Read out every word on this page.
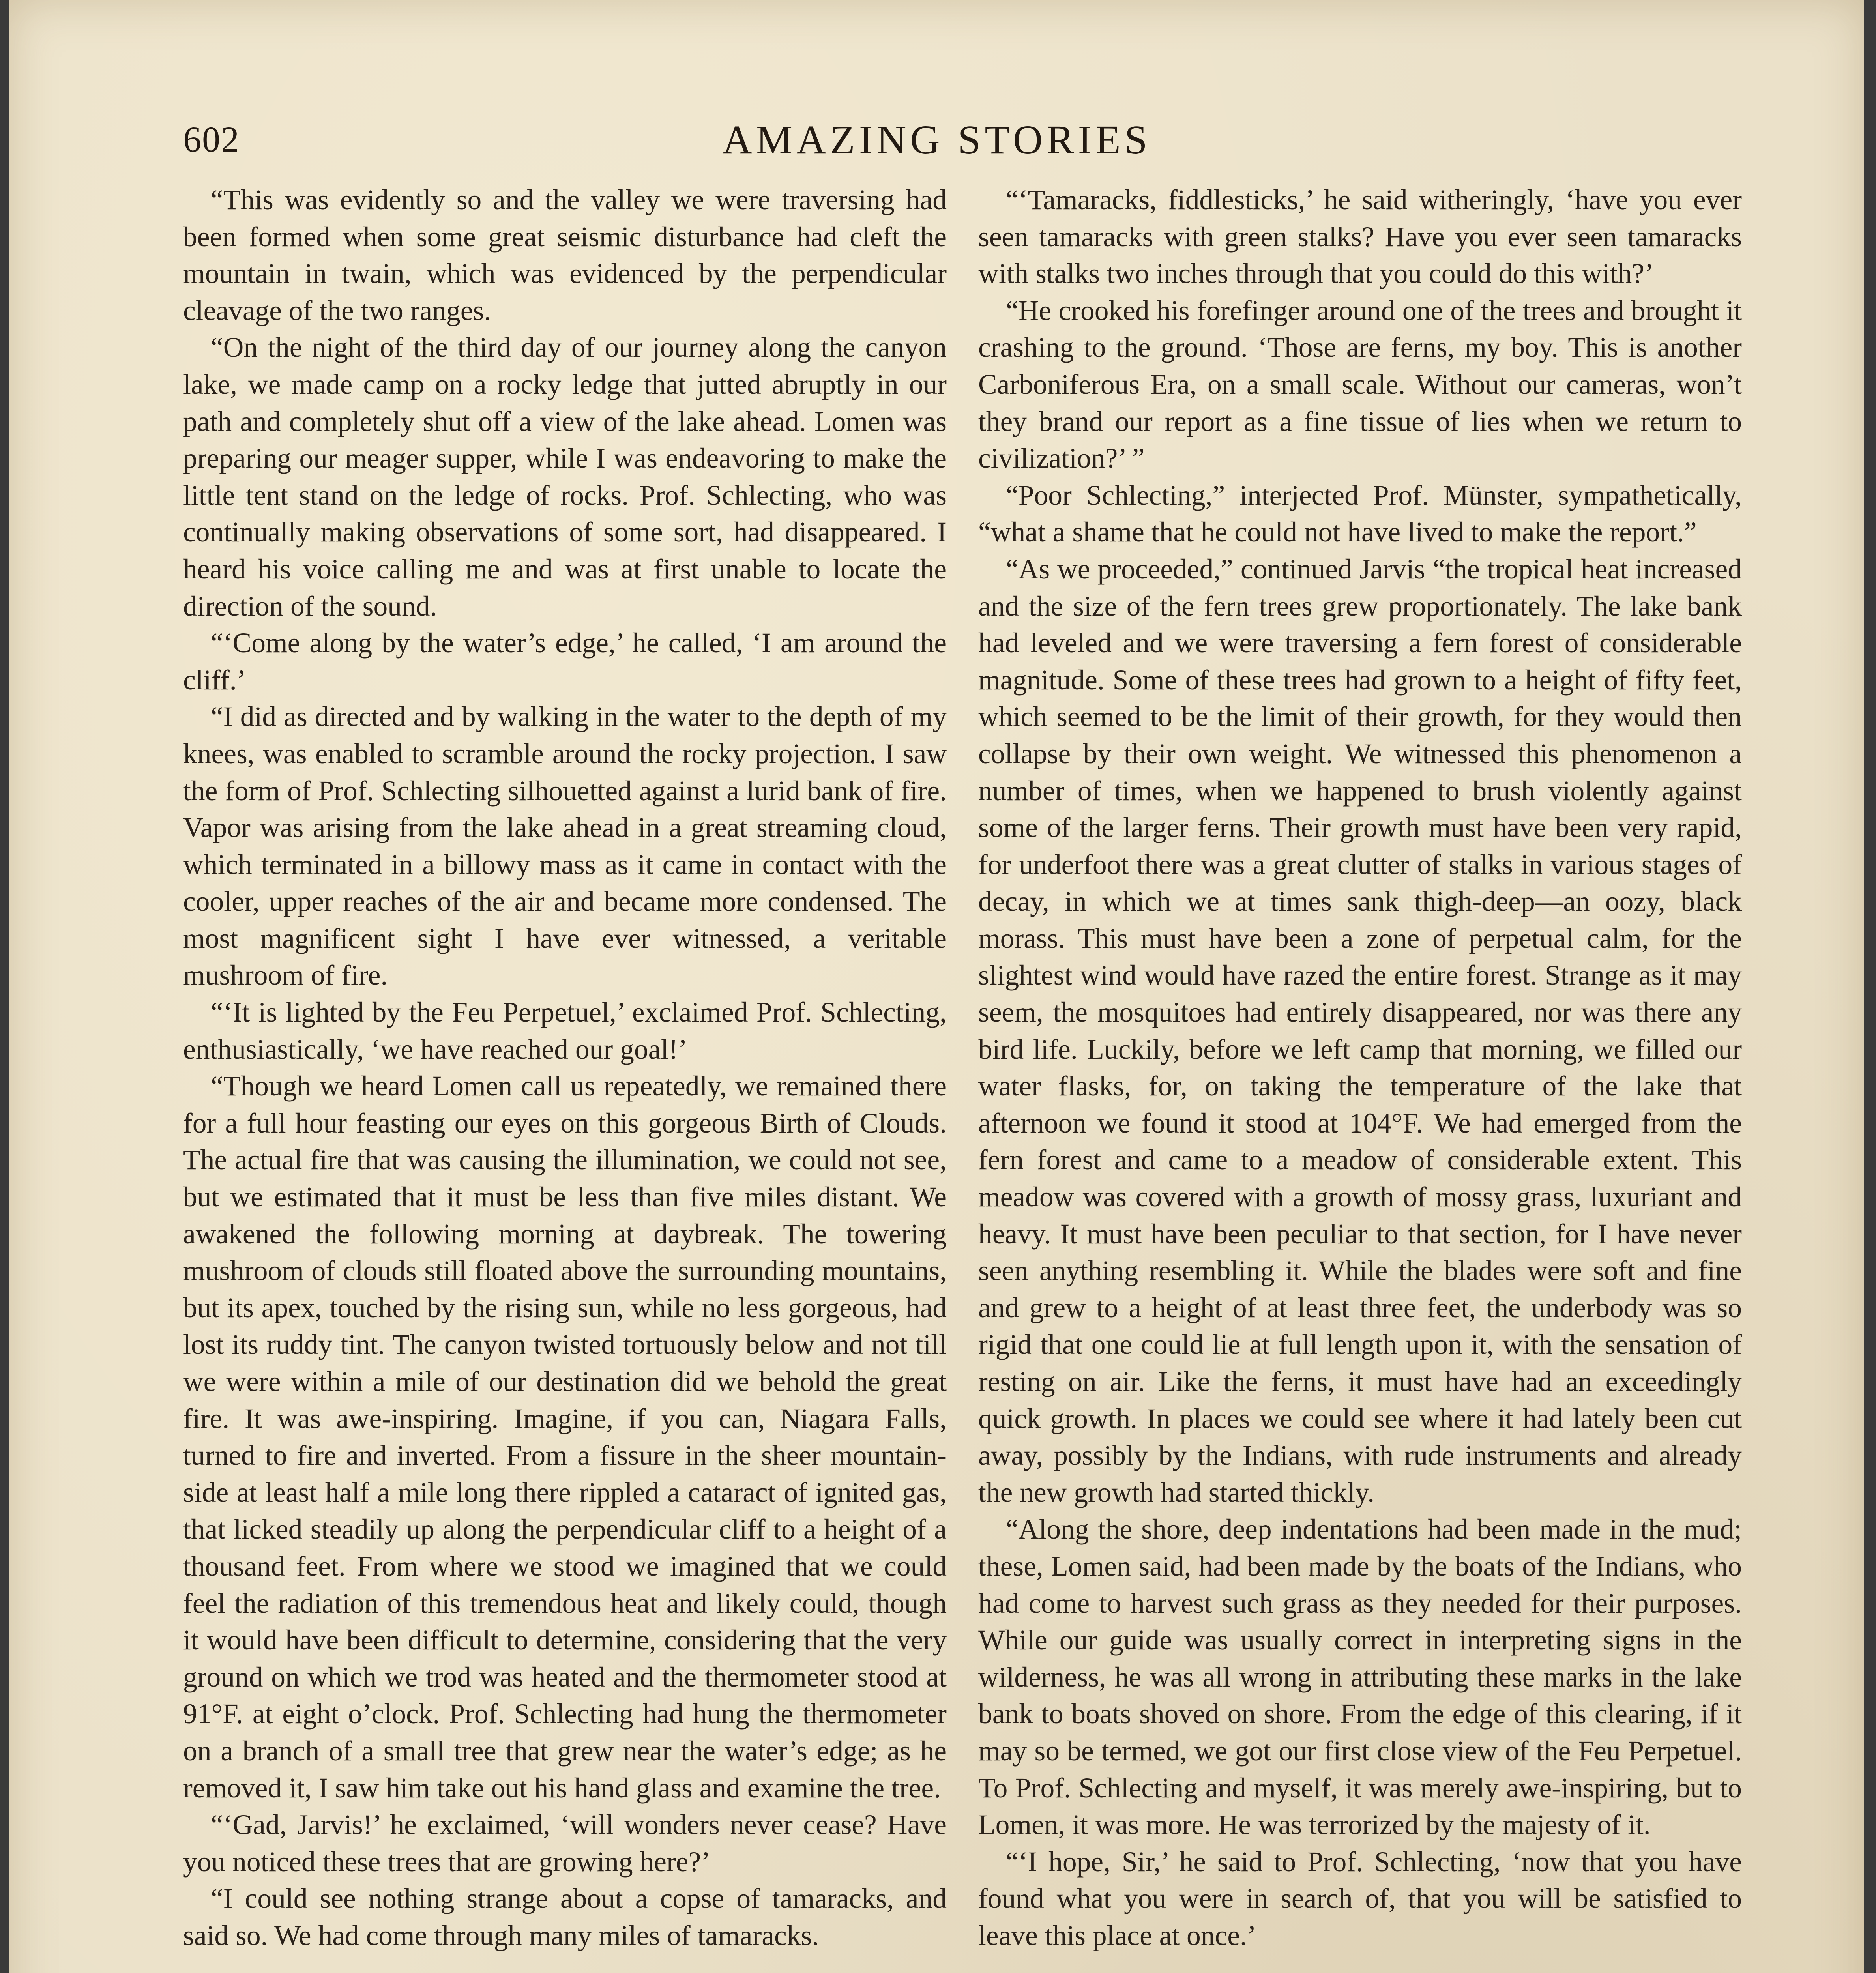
602	AMAZING STORIES

“This was evidently so and the valley we were traversing had been formed when some great seismic disturbance had cleft the mountain in twain, which was evidenced by the perpendicular cleavage of the two ranges.

“On the night of the third day of our journey along the canyon lake, we made camp on a rocky ledge that jutted abruptly in our path and completely shut off a view of the lake ahead. Lomen was preparing our meager supper, while I was endeavoring to make the little tent stand on the ledge of rocks. Prof. Schlecting, who was continually making observations of some sort, had disappeared. I heard his voice calling me and was at first unable to locate the direction of the sound.

“‘Come along by the water’s edge,’ he called, ‘I am around the cliff.’

“I did as directed and by walking in the water to the depth of my knees, was enabled to scramble around the rocky projection. I saw the form of Prof. Schlecting silhouetted against a lurid bank of fire. Vapor was arising from the lake ahead in a great streaming cloud, which terminated in a billowy mass as it came in contact with the cooler, upper reaches of the air and became more condensed. The most magnificent sight I have ever witnessed, a veritable mushroom of fire.

“‘It is lighted by the Feu Perpetuel,’ exclaimed Prof. Schlecting, enthusiastically, ‘we have reached our goal!’

“Though we heard Lomen call us repeatedly, we remained there for a full hour feasting our eyes on this gorgeous Birth of Clouds. The actual fire that was causing the illumination, we could not see, but we estimated that it must be less than five miles distant. We awakened the following morning at daybreak. The towering mushroom of clouds still floated above the surrounding mountains, but its apex, touched by the rising sun, while no less gorgeous, had lost its ruddy tint. The canyon twisted tortuously below and not till we were within a mile of our destination did we behold the great fire. It was awe-inspiring. Imagine, if you can, Niagara Falls, turned to fire and inverted. From a fissure in the sheer mountain-side at least half a mile long there rippled a cataract of ignited gas, that licked steadily up along the perpendicular cliff to a height of a thousand feet. From where we stood we imagined that we could feel the radiation of this tremendous heat and likely could, though it would have been difficult to determine, considering that the very ground on which we trod was heated and the thermometer stood at 91°F. at eight o’clock. Prof. Schlecting had hung the thermometer on a branch of a small tree that grew near the water’s edge; as he removed it, I saw him take out his hand glass and examine the tree.

“‘Gad, Jarvis!’ he exclaimed, ‘will wonders never cease? Have you noticed these trees that are growing here?’

“I could see nothing strange about a copse of tamaracks, and said so. We had come through many miles of tamaracks.

“‘Tamaracks, fiddlesticks,’ he said witheringly, ‘have you ever seen tamaracks with green stalks? Have you ever seen tamaracks with stalks two inches through that you could do this with?’

“He crooked his forefinger around one of the trees and brought it crashing to the ground. ‘Those are ferns, my boy. This is another Carboniferous Era, on a small scale. Without our cameras, won’t they brand our report as a fine tissue of lies when we return to civilization?’ ”

“Poor Schlecting,” interjected Prof. Münster, sympathetically, “what a shame that he could not have lived to make the report.”

“As we proceeded,” continued Jarvis “the tropical heat increased and the size of the fern trees grew proportionately. The lake bank had leveled and we were traversing a fern forest of considerable magnitude. Some of these trees had grown to a height of fifty feet, which seemed to be the limit of their growth, for they would then collapse by their own weight. We witnessed this phenomenon a number of times, when we happened to brush violently against some of the larger ferns. Their growth must have been very rapid, for underfoot there was a great clutter of stalks in various stages of decay, in which we at times sank thigh-deep—an oozy, black morass. This must have been a zone of perpetual calm, for the slightest wind would have razed the entire forest. Strange as it may seem, the mosquitoes had entirely disappeared, nor was there any bird life. Luckily, before we left camp that morning, we filled our water flasks, for, on taking the temperature of the lake that afternoon we found it stood at 104°F. We had emerged from the fern forest and came to a meadow of considerable extent. This meadow was covered with a growth of mossy grass, luxuriant and heavy. It must have been peculiar to that section, for I have never seen anything resembling it. While the blades were soft and fine and grew to a height of at least three feet, the underbody was so rigid that one could lie at full length upon it, with the sensation of resting on air. Like the ferns, it must have had an exceedingly quick growth. In places we could see where it had lately been cut away, possibly by the Indians, with rude instruments and already the new growth had started thickly.

“Along the shore, deep indentations had been made in the mud; these, Lomen said, had been made by the boats of the Indians, who had come to harvest such grass as they needed for their purposes. While our guide was usually correct in interpreting signs in the wilderness, he was all wrong in attributing these marks in the lake bank to boats shoved on shore. From the edge of this clearing, if it may so be termed, we got our first close view of the Feu Perpetuel. To Prof. Schlecting and myself, it was merely awe-inspiring, but to Lomen, it was more. He was terrorized by the majesty of it.

“‘I hope, Sir,’ he said to Prof. Schlecting, ‘now that you have found what you were in search of, that you will be satisfied to leave this place at once.’
